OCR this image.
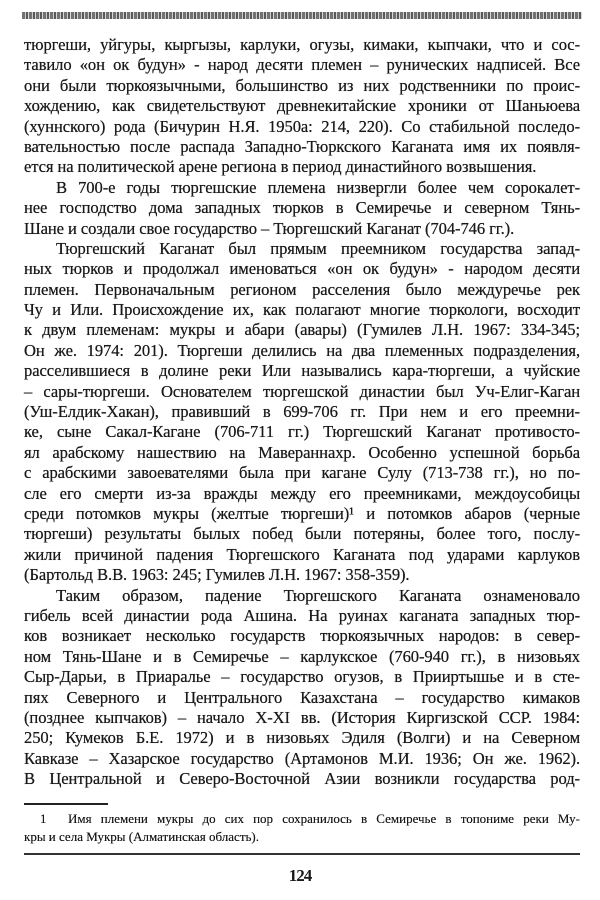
тюргеши, уйгуры, кыргызы, карлуки, огузы, кимаки, кыпчаки, что и сос-
тавило «он ок будун» - народ десяти племен – рунических надписей. Все
они были тюркоязычными, большинство из них родственники по проис-
хождению, как свидетельствуют древнекитайские хроники от Шаньюева
(хуннского) рода (Бичурин Н.Я. 1950а: 214, 220). Со стабильной последо-
вательностью после распада Западно-Тюркского Каганата имя их появля-
ется на политической арене региона в период династийного возвышения.
В 700-е годы тюргешские племена низвергли более чем сорокалет-
нее господство дома западных тюрков в Семиречье и северном Тянь-
Шане и создали свое государство – Тюргешский Каганат (704-746 гг.).
Тюргешский Каганат был прямым преемником государства запад-
ных тюрков и продолжал именоваться «он ок будун» - народом десяти
племен. Первоначальным регионом расселения было междуречье рек
Чу и Или. Происхождение их, как полагают многие тюркологи, восходит
к двум племенам: мукры и абари (авары) (Гумилев Л.Н. 1967: 334-345;
Он же. 1974: 201). Тюргеши делились на два племенных подразделения,
расселившиеся в долине реки Или назывались кара-тюргеши, а чуйские
– сары-тюргеши. Основателем тюргешской династии был Уч-Елиг-Каган
(Уш-Елдик-Хакан), правивший в 699-706 гг. При нем и его преемни-
ке, сыне Сакал-Кагане (706-711 гг.) Тюргешский Каганат противосто-
ял арабскому нашествию на Мавераннахр. Особенно успешной борьба
с арабскими завоевателями была при кагане Сулу (713-738 гг.), но по-
сле его смерти из-за вражды между его преемниками, междоусобицы
среди потомков мукры (желтые тюргеши)¹ и потомков абаров (черные
тюргеши) результаты былых побед были потеряны, более того, послу-
жили причиной падения Тюргешского Каганата под ударами карлуков
(Бартольд В.В. 1963: 245; Гумилев Л.Н. 1967: 358-359).
Таким образом, падение Тюргешского Каганата ознаменовало
гибель всей династии рода Ашина. На руинах каганата западных тюр-
ков возникает несколько государств тюркоязычных народов: в север-
ном Тянь-Шане и в Семиречье – карлукское (760-940 гг.), в низовьях
Сыр-Дарьи, в Приаралье – государство огузов, в Прииртышье и в сте-
пях Северного и Центрального Казахстана – государство кимаков
(позднее кыпчаков) – начало X-XI вв. (История Киргизской ССР. 1984:
250; Кумеков Б.Е. 1972) и в низовьях Эдиля (Волги) и на Северном
Кавказе – Хазарское государство (Артамонов М.И. 1936; Он же. 1962).
В Центральной и Северо-Восточной Азии возникли государства род-
1 Имя племени мукры до сих пор сохранилось в Семиречье в топониме реки Му-
кры и села Мукры (Алматинская область).
124
